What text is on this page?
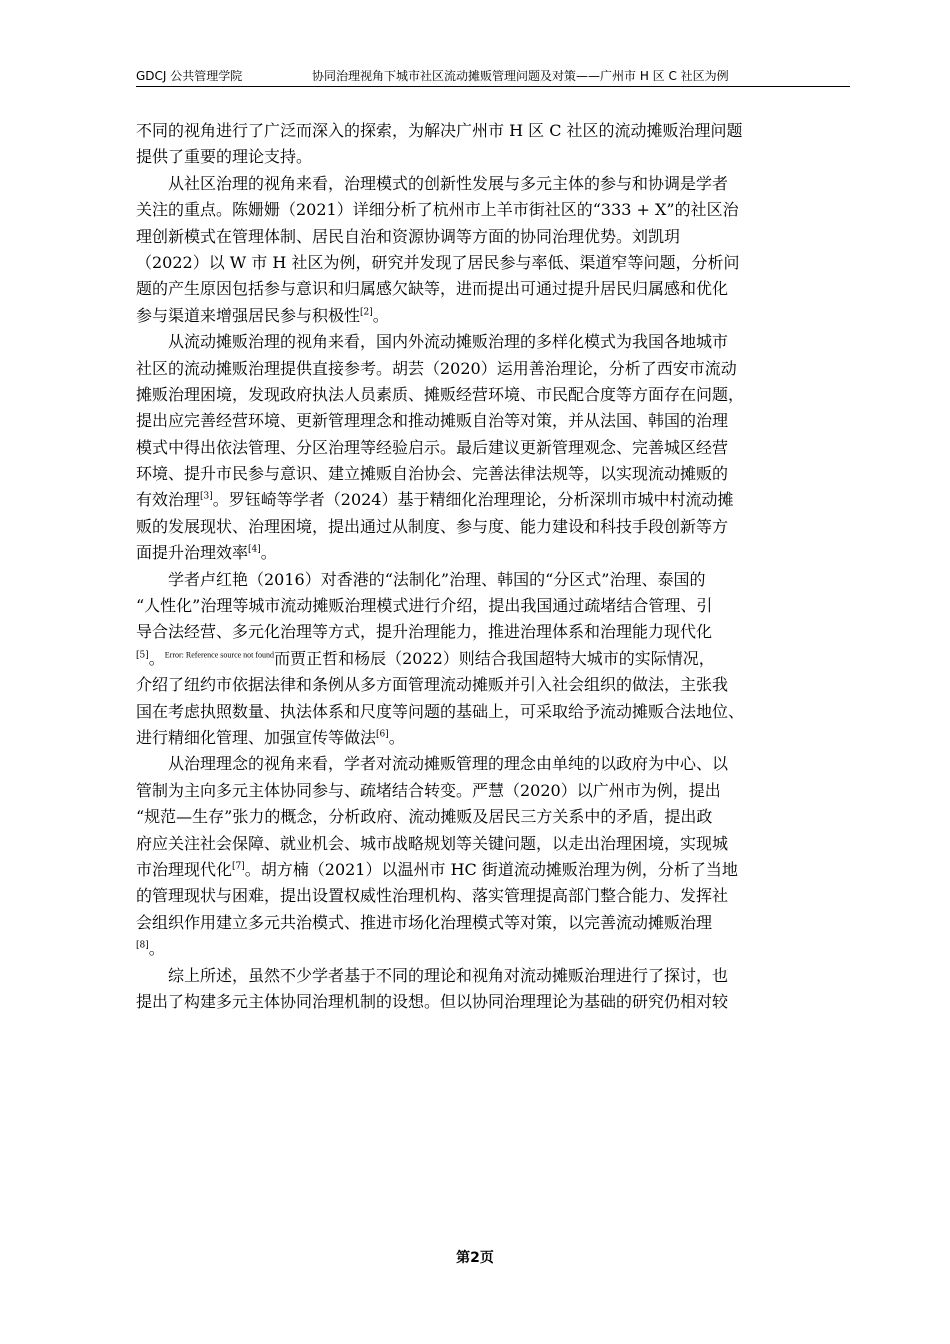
GDCJ 公共管理学院	协同治理视角下城市社区流动摊贩管理问题及对策——广州市 H 区 C 社区为例
不同的视角进行了广泛而深入的探索，为解决广州市 H 区 C 社区的流动摊贩治理问题
提供了重要的理论支持。
从社区治理的视角来看，治理模式的创新性发展与多元主体的参与和协调是学者
关注的重点。陈姗姗（2021）详细分析了杭州市上羊市街社区的“333 + X”的社区治
理创新模式在管理体制、居民自治和资源协调等方面的协同治理优势。刘凯玥
（2022）以 W 市 H 社区为例，研究并发现了居民参与率低、渠道窄等问题，分析问
题的产生原因包括参与意识和归属感欠缺等，进而提出可通过提升居民归属感和优化
参与渠道来增强居民参与积极性[2]。
从流动摊贩治理的视角来看，国内外流动摊贩治理的多样化模式为我国各地城市
社区的流动摊贩治理提供直接参考。胡芸（2020）运用善治理论，分析了西安市流动
摊贩治理困境，发现政府执法人员素质、摊贩经营环境、市民配合度等方面存在问题，
提出应完善经营环境、更新管理理念和推动摊贩自治等对策，并从法国、韩国的治理
模式中得出依法管理、分区治理等经验启示。最后建议更新管理观念、完善城区经营
环境、提升市民参与意识、建立摊贩自治协会、完善法律法规等，以实现流动摊贩的
有效治理[3]。罗钰崎等学者（2024）基于精细化治理理论，分析深圳市城中村流动摊
贩的发展现状、治理困境，提出通过从制度、参与度、能力建设和科技手段创新等方
面提升治理效率[4]。
学者卢红艳（2016）对香港的“法制化”治理、韩国的“分区式”治理、泰国的
“人性化”治理等城市流动摊贩治理模式进行介绍，提出我国通过疏堵结合管理、引
导合法经营、多元化治理等方式，提升治理能力，推进治理体系和治理能力现代化
[5]。$^{Error: Reference source not found}$而贾正哲和杨辰（2022）则结合我国超特大城市的实际情况，
介绍了纽约市依据法律和条例从多方面管理流动摊贩并引入社会组织的做法，主张我
国在考虑执照数量、执法体系和尺度等问题的基础上，可采取给予流动摊贩合法地位、
进行精细化管理、加强宣传等做法[6]。
从治理理念的视角来看，学者对流动摊贩管理的理念由单纯的以政府为中心、以
管制为主向多元主体协同参与、疏堵结合转变。严慧（2020）以广州市为例，提出
“规范—生存”张力的概念，分析政府、流动摊贩及居民三方关系中的矛盾，提出政
府应关注社会保障、就业机会、城市战略规划等关键问题，以走出治理困境，实现城
市治理现代化[7]。胡方楠（2021）以温州市 HC 街道流动摊贩治理为例，分析了当地
的管理现状与困难，提出设置权威性治理机构、落实管理提高部门整合能力、发挥社
会组织作用建立多元共治模式、推进市场化治理模式等对策，以完善流动摊贩治理
[8]。
综上所述，虽然不少学者基于不同的理论和视角对流动摊贩治理进行了探讨，也
提出了构建多元主体协同治理机制的设想。但以协同治理理论为基础的研究仍相对较
第2页
